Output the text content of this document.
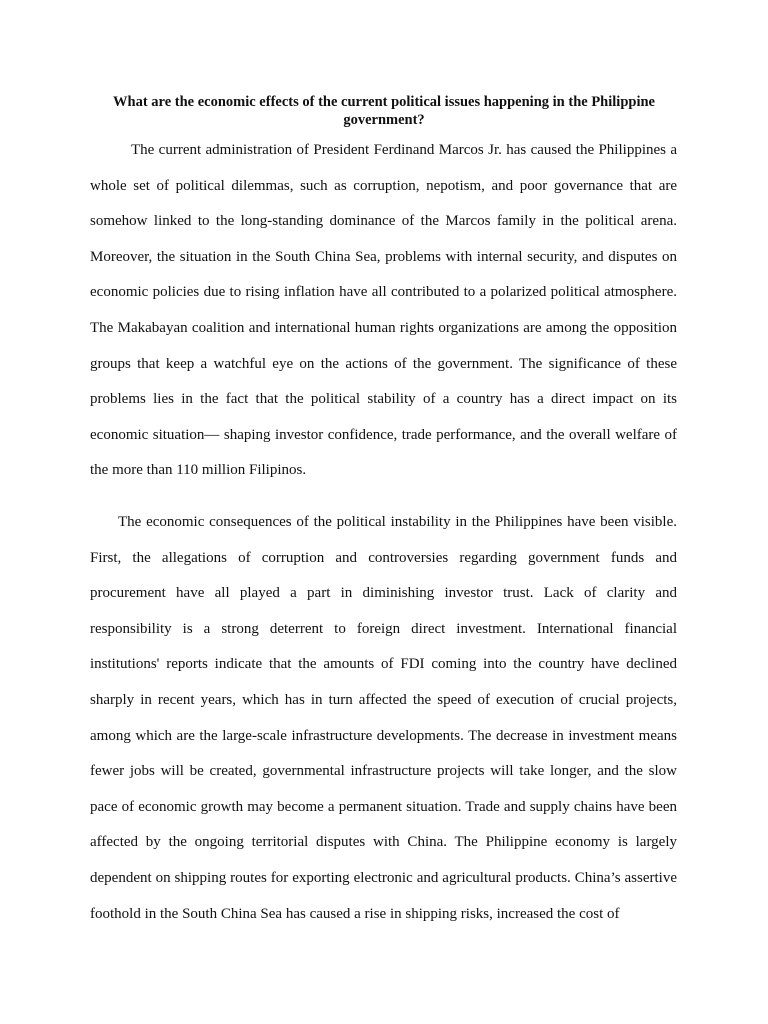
What are the economic effects of the current political issues happening in the Philippine government?

The current administration of President Ferdinand Marcos Jr. has caused the Philippines a whole set of political dilemmas, such as corruption, nepotism, and poor governance that are somehow linked to the long-standing dominance of the Marcos family in the political arena. Moreover, the situation in the South China Sea, problems with internal security, and disputes on economic policies due to rising inflation have all contributed to a polarized political atmosphere. The Makabayan coalition and international human rights organizations are among the opposition groups that keep a watchful eye on the actions of the government. The significance of these problems lies in the fact that the political stability of a country has a direct impact on its economic situation— shaping investor confidence, trade performance, and the overall welfare of the more than 110 million Filipinos.

The economic consequences of the political instability in the Philippines have been visible. First, the allegations of corruption and controversies regarding government funds and procurement have all played a part in diminishing investor trust. Lack of clarity and responsibility is a strong deterrent to foreign direct investment. International financial institutions' reports indicate that the amounts of FDI coming into the country have declined sharply in recent years, which has in turn affected the speed of execution of crucial projects, among which are the large-scale infrastructure developments. The decrease in investment means fewer jobs will be created, governmental infrastructure projects will take longer, and the slow pace of economic growth may become a permanent situation. Trade and supply chains have been affected by the ongoing territorial disputes with China. The Philippine economy is largely dependent on shipping routes for exporting electronic and agricultural products. China’s assertive foothold in the South China Sea has caused a rise in shipping risks, increased the cost of
